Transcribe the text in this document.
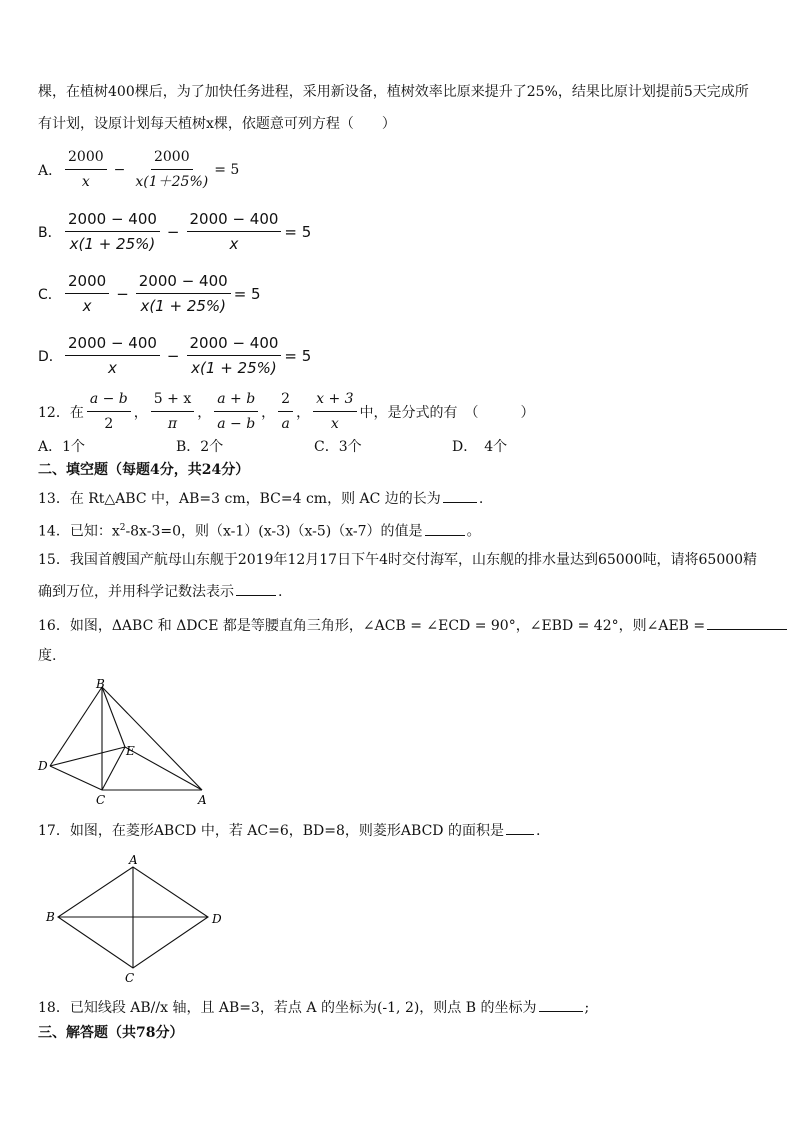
棵，在植树400棵后，为了加快任务进程，采用新设备，植树效率比原来提升了25%，结果比原计划提前5天完成所
有计划，设原计划每天植树x棵，依题意可列方程（　　）
A． $\frac{2000}{x} - \frac{2000}{x(1+25\%)} = 5$
B． $\frac{2000 - 400}{x(1 + 25\%)} - \frac{2000 - 400}{x} = 5$
C． $\frac{2000}{x} - \frac{2000 - 400}{x(1 + 25\%)} = 5$
D． $\frac{2000 - 400}{x} - \frac{2000 - 400}{x(1 + 25\%)} = 5$
12．在 $\frac{a - b}{2}$ ， $\frac{5 + x}{\pi}$ ， $\frac{a + b}{a - b}$ ， $\frac{2}{a}$ ， $\frac{x + 3}{x}$ 中，是分式的有　（　　　）
A．1个	B．2个	C．3个	D．　4个
二、填空题（每题4分，共24分）
13．在 Rt△ABC 中，AB=3 cm，BC=4 cm，则 AC 边的长为	.
14．已知：$x^2-8x-3=0$，则（x-1）(x-3)（x-5)（x-7）的值是	。
15．我国首艘国产航母山东舰于2019年12月17日下午4时交付海军，山东舰的排水量达到65000吨，请将65000精
确到万位，并用科学记数法表示	.
16．如图，ΔABC 和 ΔDCE 都是等腰直角三角形，∠ACB = ∠ECD = 90°，∠EBD = 42°，则∠AEB =
度.
B
D
E
C	A
17．如图，在菱形ABCD 中，若 AC=6，BD=8，则菱形ABCD 的面积是 .
A
B
C
D
18．已知线段 AB//x 轴，且 AB=3，若点 A 的坐标为(-1, 2)，则点 B 的坐标为	;
三、解答题（共78分）
